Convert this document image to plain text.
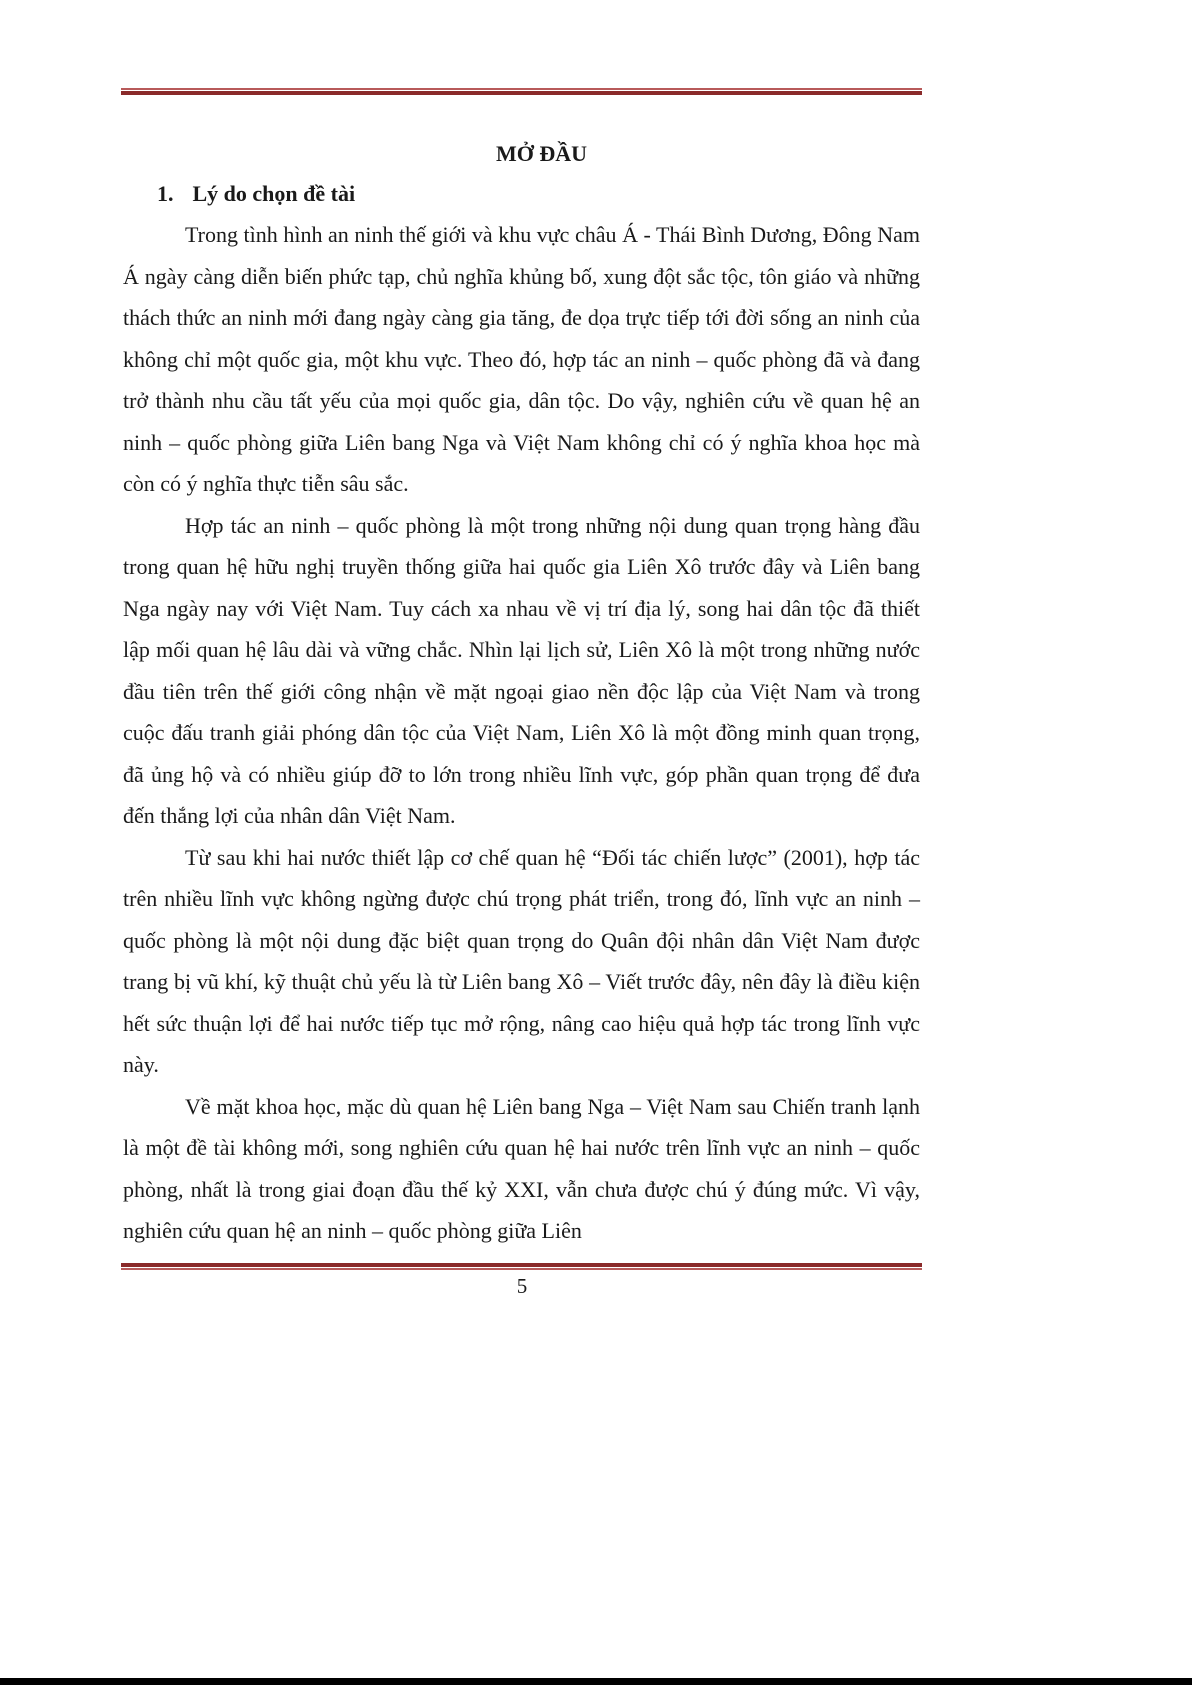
MỞ ĐẦU
1. Lý do chọn đề tài

Trong tình hình an ninh thế giới và khu vực châu Á - Thái Bình Dương, Đông Nam Á ngày càng diễn biến phức tạp, chủ nghĩa khủng bố, xung đột sắc tộc, tôn giáo và những thách thức an ninh mới đang ngày càng gia tăng, đe dọa trực tiếp tới đời sống an ninh của không chỉ một quốc gia, một khu vực. Theo đó, hợp tác an ninh – quốc phòng đã và đang trở thành nhu cầu tất yếu của mọi quốc gia, dân tộc. Do vậy, nghiên cứu về quan hệ an ninh – quốc phòng giữa Liên bang Nga và Việt Nam không chỉ có ý nghĩa khoa học mà còn có ý nghĩa thực tiễn sâu sắc.

Hợp tác an ninh – quốc phòng là một trong những nội dung quan trọng hàng đầu trong quan hệ hữu nghị truyền thống giữa hai quốc gia Liên Xô trước đây và Liên bang Nga ngày nay với Việt Nam. Tuy cách xa nhau về vị trí địa lý, song hai dân tộc đã thiết lập mối quan hệ lâu dài và vững chắc. Nhìn lại lịch sử, Liên Xô là một trong những nước đầu tiên trên thế giới công nhận về mặt ngoại giao nền độc lập của Việt Nam và trong cuộc đấu tranh giải phóng dân tộc của Việt Nam, Liên Xô là một đồng minh quan trọng, đã ủng hộ và có nhiều giúp đỡ to lớn trong nhiều lĩnh vực, góp phần quan trọng để đưa đến thắng lợi của nhân dân Việt Nam.

Từ sau khi hai nước thiết lập cơ chế quan hệ “Đối tác chiến lược” (2001), hợp tác trên nhiều lĩnh vực không ngừng được chú trọng phát triển, trong đó, lĩnh vực an ninh – quốc phòng là một nội dung đặc biệt quan trọng do Quân đội nhân dân Việt Nam được trang bị vũ khí, kỹ thuật chủ yếu là từ Liên bang Xô – Viết trước đây, nên đây là điều kiện hết sức thuận lợi để hai nước tiếp tục mở rộng, nâng cao hiệu quả hợp tác trong lĩnh vực này.

Về mặt khoa học, mặc dù quan hệ Liên bang Nga – Việt Nam sau Chiến tranh lạnh là một đề tài không mới, song nghiên cứu quan hệ hai nước trên lĩnh vực an ninh – quốc phòng, nhất là trong giai đoạn đầu thế kỷ XXI, vẫn chưa được chú ý đúng mức. Vì vậy, nghiên cứu quan hệ an ninh – quốc phòng giữa Liên

5
